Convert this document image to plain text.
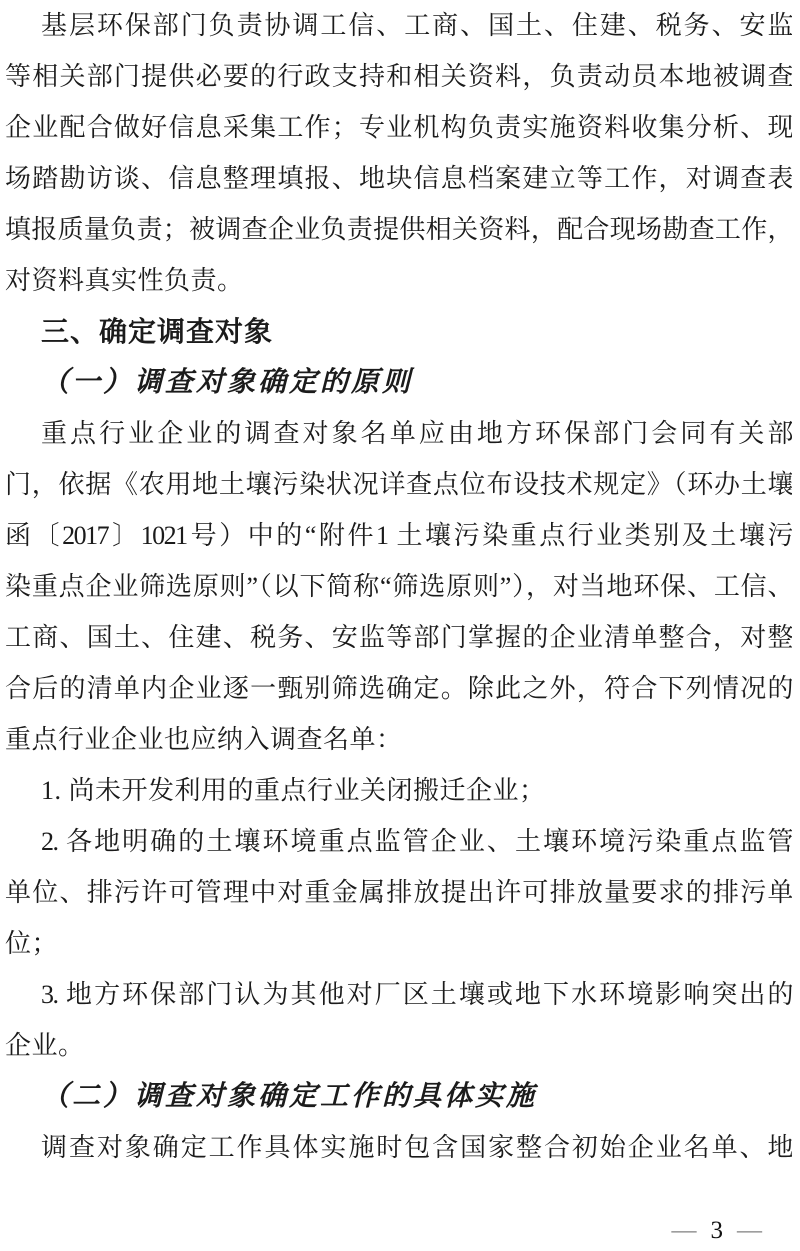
基层环保部门负责协调工信、工商、国土、住建、税务、安监
等相关部门提供必要的行政支持和相关资料，负责动员本地被调查
企业配合做好信息采集工作；专业机构负责实施资料收集分析、现
场踏勘访谈、信息整理填报、地块信息档案建立等工作，对调查表
填报质量负责；被调查企业负责提供相关资料，配合现场勘查工作，
对资料真实性负责。
三、确定调查对象
（一）调查对象确定的原则
重点行业企业的调查对象名单应由地方环保部门会同有关部
门，依据《农用地土壤污染状况详查点位布设技术规定》（环办土壤
函〔2017〕1021号）中的“附件1 土壤污染重点行业类别及土壤污
染重点企业筛选原则”（以下简称“筛选原则”），对当地环保、工信、
工商、国土、住建、税务、安监等部门掌握的企业清单整合，对整
合后的清单内企业逐一甄别筛选确定。除此之外，符合下列情况的
重点行业企业也应纳入调查名单：
1. 尚未开发利用的重点行业关闭搬迁企业；
2. 各地明确的土壤环境重点监管企业、土壤环境污染重点监管
单位、排污许可管理中对重金属排放提出许可排放量要求的排污单
位；
3. 地方环保部门认为其他对厂区土壤或地下水环境影响突出的
企业。
（二）调查对象确定工作的具体实施
调查对象确定工作具体实施时包含国家整合初始企业名单、地
— 3 —
